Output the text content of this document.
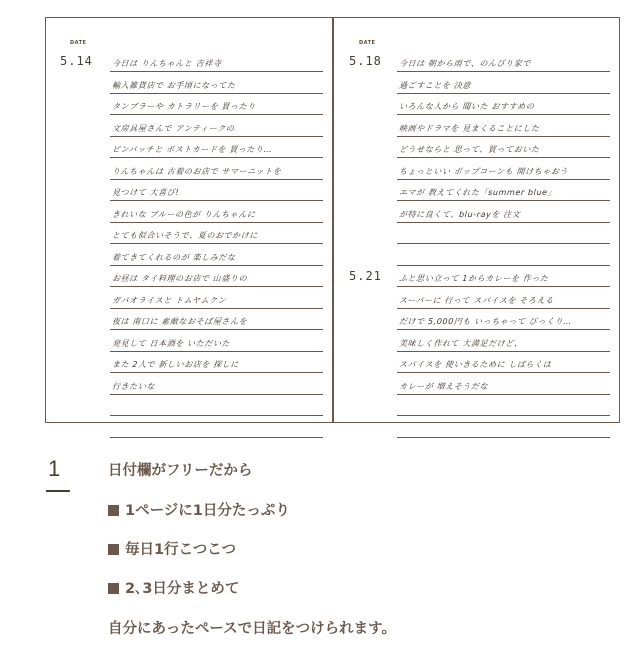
DATE
今日は りんちゃんと 吉祥寺
輸入雑貨店で お手頃になってた
タンブラーや カトラリーを 買ったり
文房具屋さんで アンティークの
ピンバッチと ポストカードを 買ったり…
りんちゃんは 古着のお店で サマーニットを
見つけて 大喜び!
きれいな ブルーの色が りんちゃんに
とても似合いそうで、夏のおでかけに
着てきてくれるのが 楽しみだな
お昼は タイ料理のお店で 山盛りの
ガパオライスと トムヤムクン
夜は 南口に 素敵なおそば屋さんを
発見して 日本酒を いただいた
また 2人で 新しいお店を 探しに
行きたいな
5.14
DATE
今日は 朝から雨で、のんびり家で
過ごすことを 決意
いろんな人から 聞いた おすすめの
映画やドラマを 見まくることにした
どうせならと 思って、買っておいた
ちょっといい ポップコーンも 開けちゃおう
エマが 教えてくれた「summer blue」
が特に良くて、blu-rayを 注文
ふと思い立って 1からカレーを 作った
スーパーに 行って スパイスを そろえる
だけで 5,000円も いっちゃって びっくり…
美味しく作れて 大満足だけど、
スパイスを 使いきるために しばらくは
カレーが 増えそうだな
5.18
5.21
1	日付欄がフリーだから
1ページに1日分たっぷり
毎日1行こつこつ
2､3日分まとめて
自分にあったペースで日記をつけられます。
